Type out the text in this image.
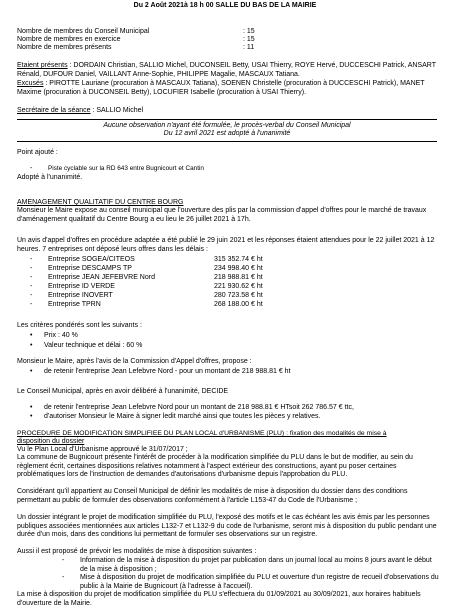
Du 2 Août 2021à 18 h 00 SALLE DU BAS DE LA MAIRIE
Nombre de membres du Conseil Municipal	: 15
Nombre de membres en exercice	: 15
Nombre de membres présents	: 11

Etaient présents : DORDAIN Christian, SALLIO Michel, DUCONSEIL Betty, USAI Thierry, ROYE Hervé, DUCCESCHI Patrick, ANSART Rénald, DUFOUR Daniel, VAILLANT Anne-Sophie, PHILIPPE Magalie, MASCAUX Tatiana.

Excusés : PIROTTE Lauriane (procuration à MASCAUX Tatiana), SOENEN Christelle (procuration à DUCCESCHI Patrick), MANET Maxime (procuration à DUCONSEIL Betty), LOCUFIER Isabelle (procuration à USAI Thierry).

Secrétaire de la séance : SALLIO Michel

Aucune observation n'ayant été formulée, le procès-verbal du Conseil Municipal
Du 12 avril 2021 est adopté à l'unanimité
Point ajouté :
- Piste cyclable sur la RD 643 entre Bugnicourt et Cantin
Adopté à l'unanimité.
AMENAGEMENT QUALITATIF DU CENTRE BOURG

Monsieur le Maire expose au conseil municipal que l'ouverture des plis par la commission d'appel d'offres pour le marché de travaux d'aménagement qualitatif du Centre Bourg a eu lieu le 26 juillet 2021 à 17h.

Un avis d'appel d'offres en procédure adaptée a été publié le 29 juin 2021 et les réponses étaient attendues pour le 22 juillet 2021 à 12 heures. 7 entreprises ont déposé leurs offres dans les délais :

- Entreprise SOGEA/CITEOS	315 352.74 € ht
- Entreprise DESCAMPS TP	234 998.40 € ht
- Entreprise JEAN JEFEBVRE Nord	218 988.81 € ht
- Entreprise ID VERDE	221 930.62 € ht
- Entreprise INOVERT	280 723.58 € ht
- Entreprise TPRN	268 188.00 € ht
Les critères pondérés sont les suivants :
• Prix : 40 %
• Valeur technique et délai : 60 %
Monsieur le Maire, après l'avis de la Commission d'Appel d'offres, propose :
• de retenir l'entreprise Jean Lefebvre Nord - pour un montant de 218 988.81 € ht
Le Conseil Municipal, après en avoir délibéré à l'unanimité, DECIDE
• de retenir l'entreprise Jean Lefebvre Nord pour un montant de 218 988.81 € HTsoit 262 786.57 € ttc,
• d'autoriser Monsieur le Maire à signer ledit marché ainsi que toutes les pièces y relatives.
PROCEDURE DE MODIFICATION SIMPLIFIEE DU PLAN LOCAL d'URBANISME (PLU) : fixation des modalités de mise à
disposition du dossier
Vu le Plan Local d'Urbanisme approuvé le 31/07/2017 ;

La commune de Bugnicourt présente l'intérêt de procéder à la modification simplifiée du PLU dans le but de modifier, au sein du règlement écrit, certaines dispositions relatives notamment à l'aspect extérieur des constructions, ayant pu poser certaines problématiques lors de l'instruction de demandes d'autorisations d'urbanisme depuis l'approbation du PLU.

Considérant qu'il appartient au Conseil Municipal de définir les modalités de mise à disposition du dossier dans des conditions permettant au public de formuler des observations conformément à l'article L153-47 du Code de l'Urbanisme ;

Un dossier intégrant le projet de modification simplifiée du PLU, l'exposé des motifs et le cas échéant les avis émis par les personnes publiques associées mentionnées aux articles L132-7 et L132-9 du code de l'urbanisme, seront mis à disposition du public pendant une durée d'un mois, dans des conditions lui permettant de formuler ses observations sur un registre.

Aussi il est proposé de prévoir les modalités de mise à disposition suivantes :
- Information de la mise à disposition du projet par publication dans un journal local au moins 8 jours avant le début de la mise à disposition ;

- Mise à disposition du projet de modification simplifiée du PLU et ouverture d'un registre de recueil d'observations du public à la Mairie de Bugnicourt (à l'adresse à l'accueil).

La mise à disposition du projet de modification simplifiée du PLU s'effectuera du 01/09/2021 au 30/09/2021, aux horaires habituels d'ouverture de la Mairie.
